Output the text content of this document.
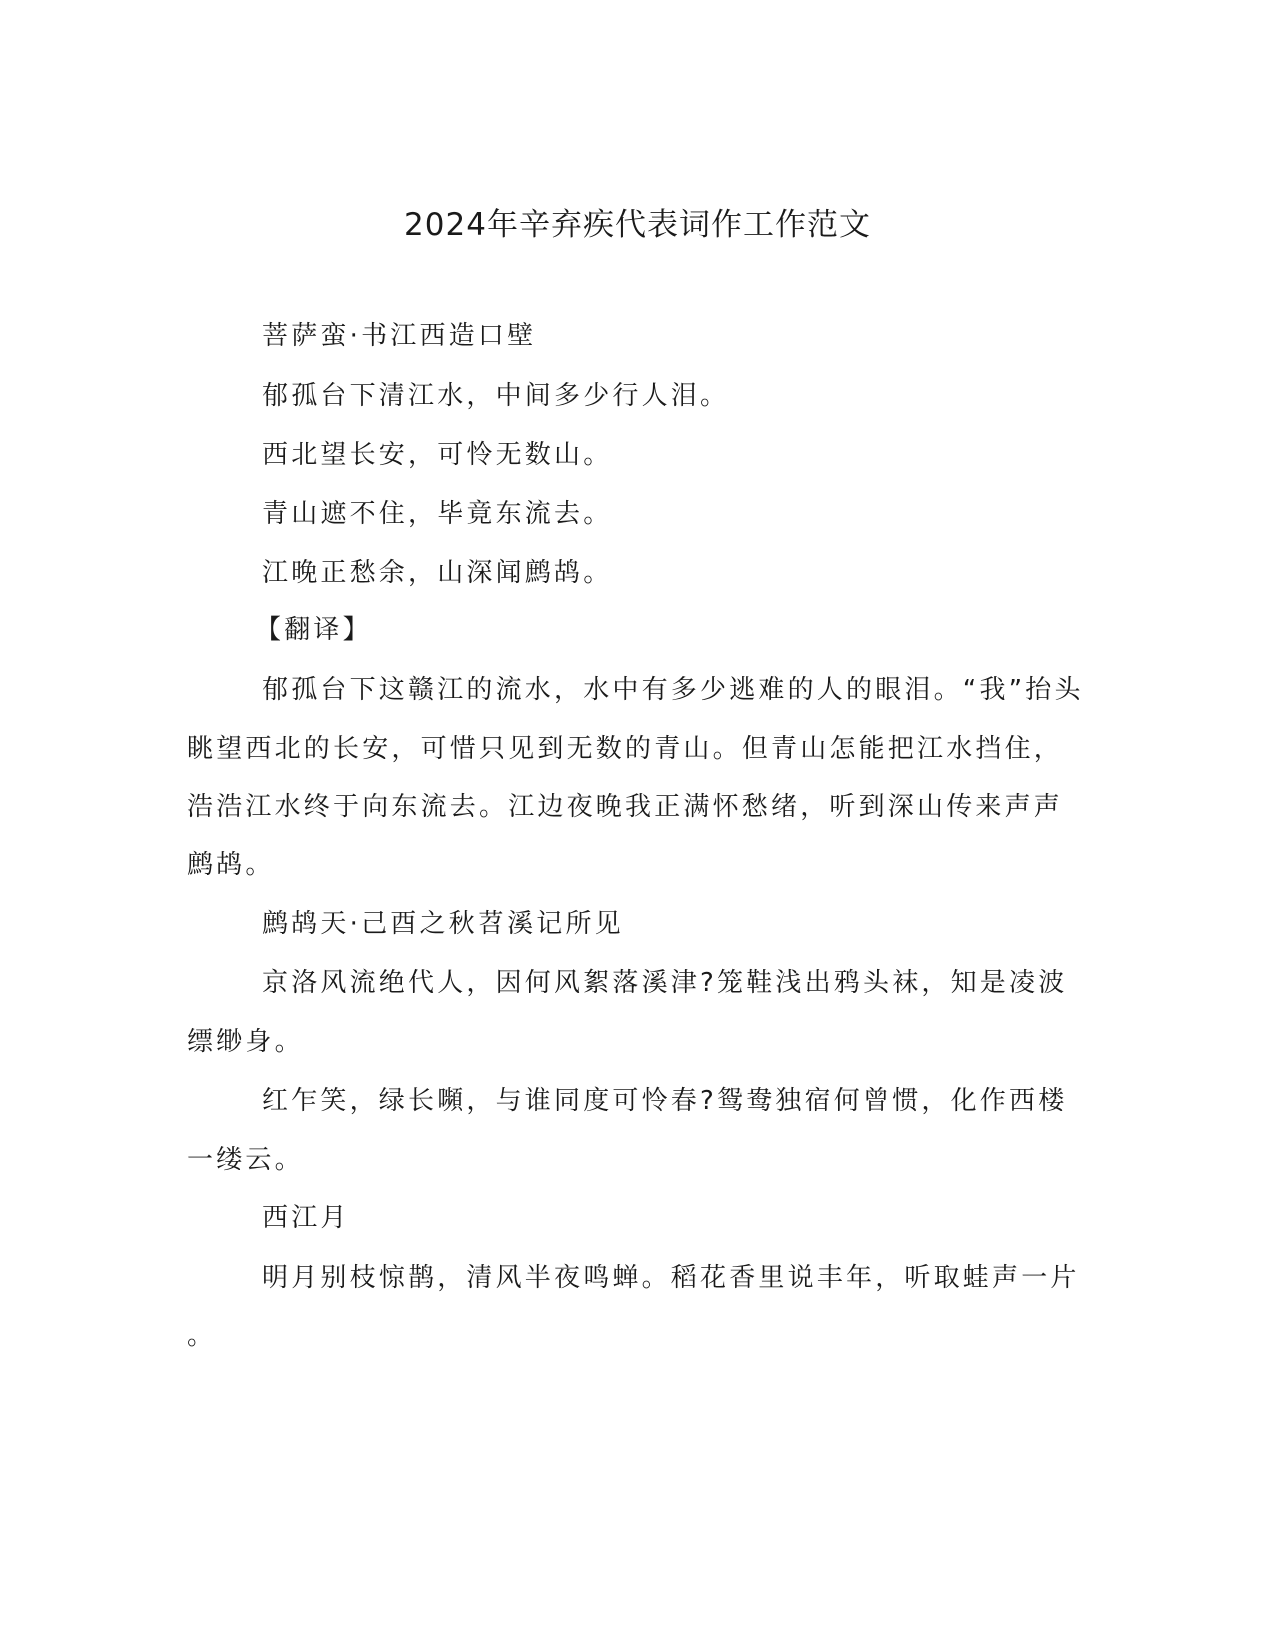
2024年辛弃疾代表词作工作范文
菩萨蛮·书江西造口壁
郁孤台下清江水，中间多少行人泪。
西北望长安，可怜无数山。
青山遮不住，毕竟东流去。
江晚正愁余，山深闻鹧鸪。
【翻译】
郁孤台下这赣江的流水，水中有多少逃难的人的眼泪。“我”抬头
眺望西北的长安，可惜只见到无数的青山。但青山怎能把江水挡住，
浩浩江水终于向东流去。江边夜晚我正满怀愁绪，听到深山传来声声
鹧鸪。
鹧鸪天·己酉之秋苕溪记所见
京洛风流绝代人，因何风絮落溪津?笼鞋浅出鸦头袜，知是凌波
缥缈身。
红乍笑，绿长嚬，与谁同度可怜春?鸳鸯独宿何曾惯，化作西楼
一缕云。
西江月
明月别枝惊鹊，清风半夜鸣蝉。稻花香里说丰年，听取蛙声一片
。
